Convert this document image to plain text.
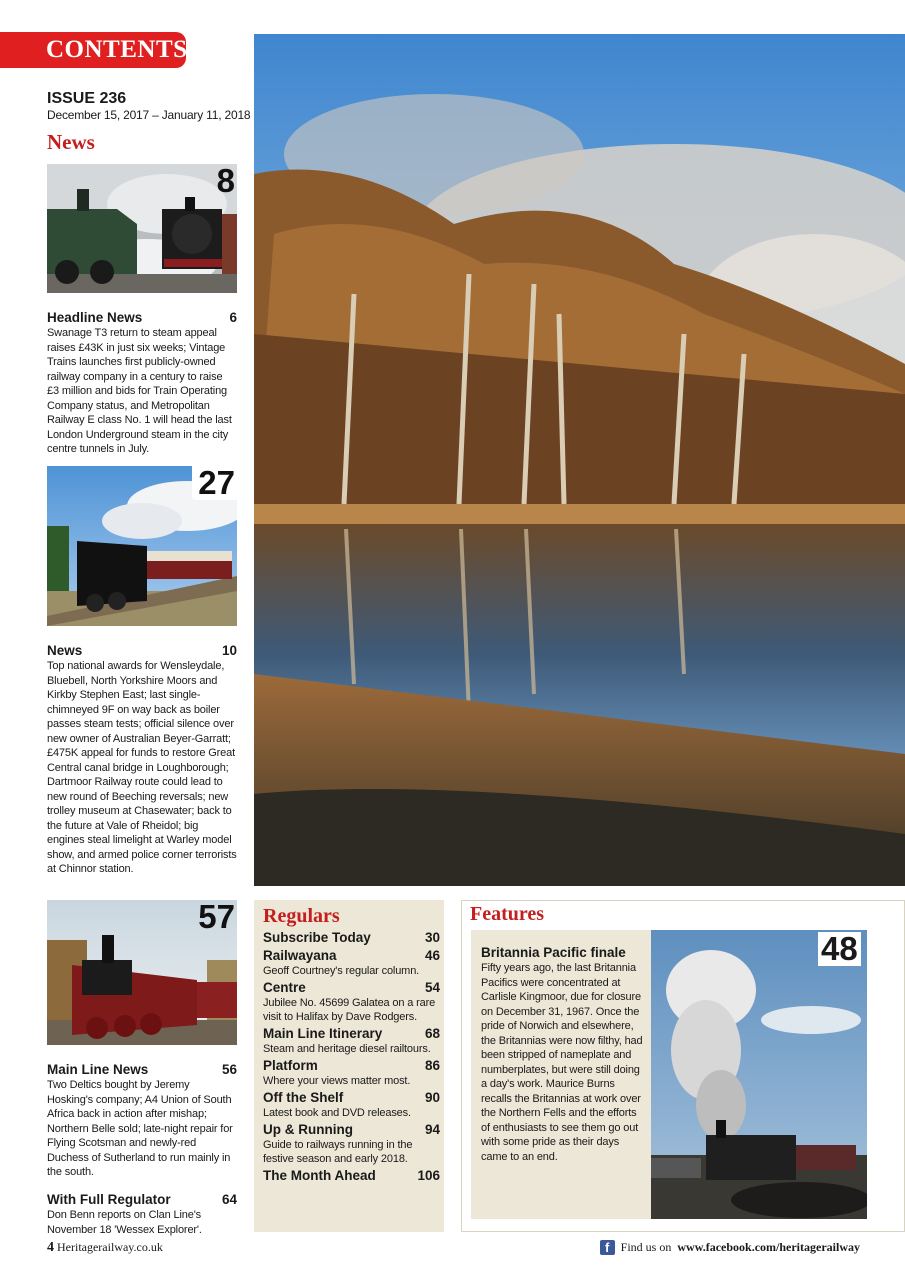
CONTENTS
ISSUE 236
December 15, 2017 – January 11, 2018
News
8
Headline News	6
Swanage T3 return to steam appeal raises £43K in just six weeks; Vintage Trains launches first publicly-owned railway company in a century to raise £3 million and bids for Train Operating Company status, and Metropolitan Railway E class No. 1 will head the last London Underground steam in the city centre tunnels in July.
27
News	10
Top national awards for Wensleydale, Bluebell, North Yorkshire Moors and Kirkby Stephen East; last single-chimneyed 9F on way back as boiler passes steam tests; official silence over new owner of Australian Beyer-Garratt; £475K appeal for funds to restore Great Central canal bridge in Loughborough; Dartmoor Railway route could lead to new round of Beeching reversals; new trolley museum at Chasewater; back to the future at Vale of Rheidol; big engines steal limelight at Warley model show, and armed police corner terrorists at Chinnor station.
57
Main Line News	56
Two Deltics bought by Jeremy Hosking's company; A4 Union of South Africa back in action after mishap; Northern Belle sold; late-night repair for Flying Scotsman and newly-red Duchess of Sutherland to run mainly in the south.
With Full Regulator	64
Don Benn reports on Clan Line's November 18 'Wessex Explorer'.
Regulars
Subscribe Today	30
Railwayana	46
Geoff Courtney's regular column.
Centre	54
Jubilee No. 45699 Galatea on a rare visit to Halifax by Dave Rodgers.
Main Line Itinerary	68
Steam and heritage diesel railtours.
Platform	86
Where your views matter most.
Off the Shelf	90
Latest book and DVD releases.
Up & Running	94
Guide to railways running in the festive season and early 2018.
The Month Ahead	106
Features
Britannia Pacific finale
Fifty years ago, the last Britannia Pacifics were concentrated at Carlisle Kingmoor, due for closure on December 31, 1967. Once the pride of Norwich and elsewhere, the Britannias were now filthy, had been stripped of nameplate and numberplates, but were still doing a day's work. Maurice Burns recalls the Britannias at work over the Northern Fells and the efforts of enthusiasts to see them go out with some pride as their days came to an end.
48
4 Heritagerailway.co.uk	f Find us on www.facebook.com/heritagerailway
